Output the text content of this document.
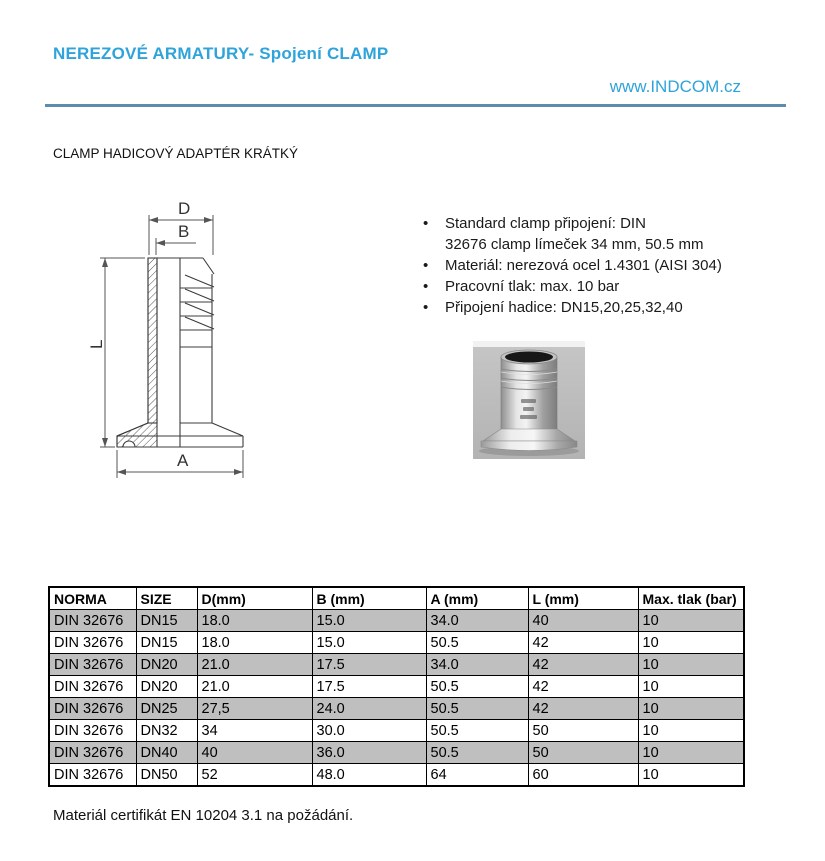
NEREZOVÉ ARMATURY- Spojení CLAMP
www.INDCOM.cz
CLAMP HADICOVÝ ADAPTÉR KRÁTKÝ
D
B
L
A
•	Standard clamp připojení: DIN
32676 clamp límeček 34 mm, 50.5 mm
•	Materiál: nerezová ocel 1.4301 (AISI 304)
•	Pracovní tlak: max. 10 bar
•	Připojení hadice: DN15,20,25,32,40
NORMA	SIZE	D(mm)	B (mm)	A (mm)	L (mm)	Max. tlak (bar)
DIN 32676	DN15	18.0	15.0	34.0	40	10
DIN 32676	DN15	18.0	15.0	50.5	42	10
DIN 32676	DN20	21.0	17.5	34.0	42	10
DIN 32676	DN20	21.0	17.5	50.5	42	10
DIN 32676	DN25	27,5	24.0	50.5	42	10
DIN 32676	DN32	34	30.0	50.5	50	10
DIN 32676	DN40	40	36.0	50.5	50	10
DIN 32676	DN50	52	48.0	64	60	10
Materiál certifikát EN 10204 3.1 na požádání.
